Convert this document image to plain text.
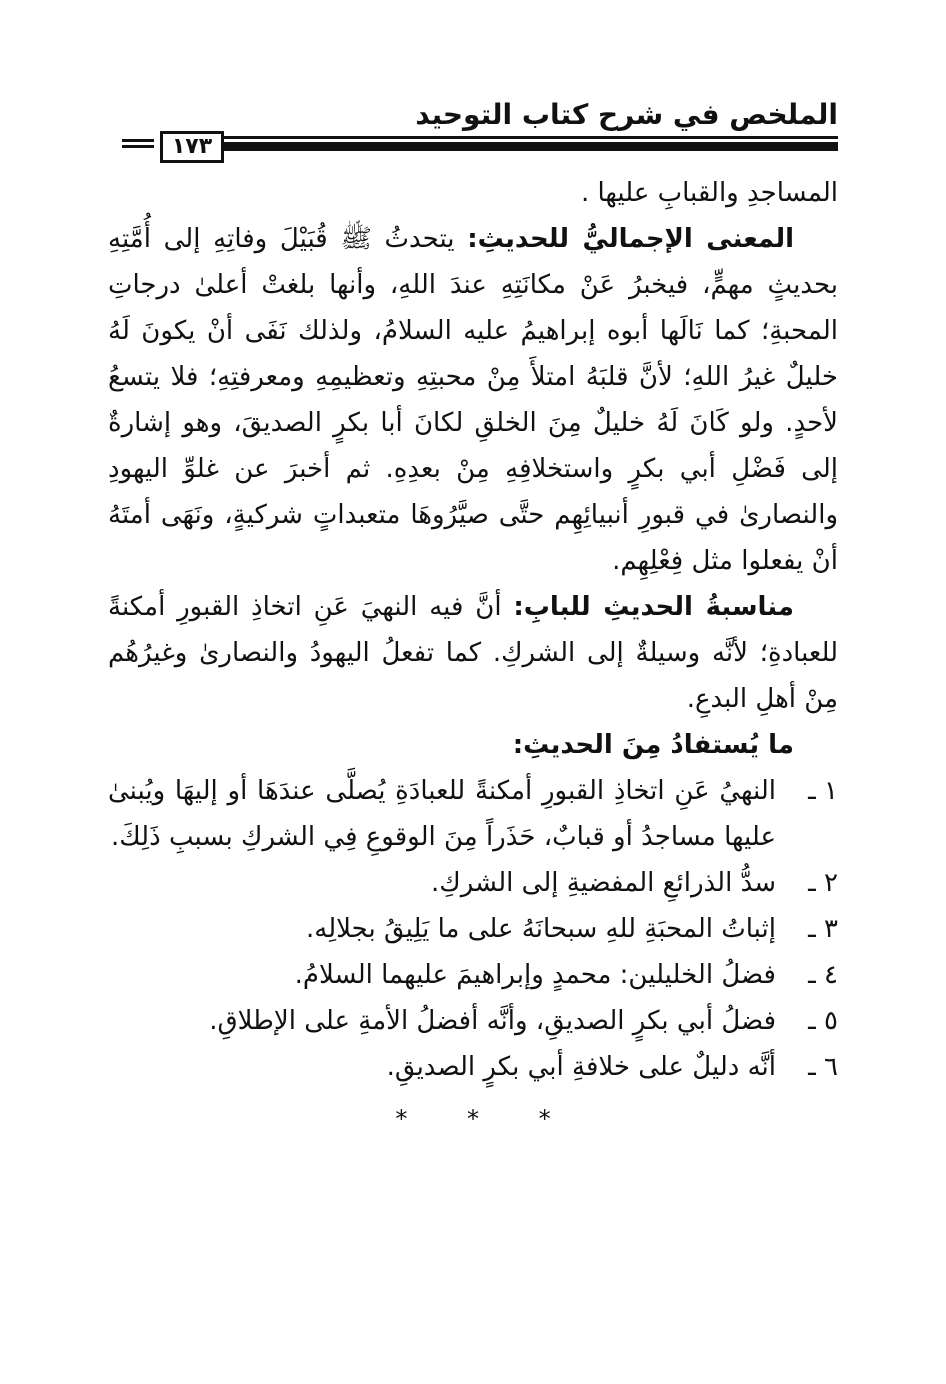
الملخص في شرح كتاب التوحيد
١٧٣

المساجدِ والقبابِ عليها .

المعنى الإجماليُّ للحديثِ: يتحدثُ ﷺ قُبَيْلَ وفاتِهِ إلى أُمَّتِهِ بحديثٍ مهمٍّ، فيخبرُ عَنْ مكانَتِهِ عندَ اللهِ، وأنها بلغتْ أعلىٰ درجاتِ المحبةِ؛ كما نَالَها أبوه إبراهيمُ عليه السلامُ، ولذلك نَفَى أنْ يكونَ لَهُ خليلٌ غيرُ اللهِ؛ لأنَّ قلبَهُ امتلأَ مِنْ محبتِهِ وتعظيمِهِ ومعرفتِهِ؛ فلا يتسعُ لأحدٍ. ولو كَانَ لَهُ خليلٌ مِنَ الخلقِ لكانَ أبا بكرٍ الصديقَ، وهو إشارةٌ إلى فَضْلِ أبي بكرٍ واستخلافِهِ مِنْ بعدِهِ. ثم أخبرَ عن غلوِّ اليهودِ والنصارىٰ في قبورِ أنبيائِهِم حتَّى صيَّرُوهَا متعبداتٍ شركيةٍ، ونَهَى أمتَهُ أنْ يفعلوا مثل فِعْلِهِم.

مناسبةُ الحديثِ للبابِ: أنَّ فيه النهيَ عَنِ اتخاذِ القبورِ أمكنةً للعبادةِ؛ لأنَّه وسيلةٌ إلى الشركِ. كما تفعلُ اليهودُ والنصارىٰ وغيرُهُم مِنْ أهلِ البدعِ.

ما يُستفادُ مِنَ الحديثِ:

١ ـ
النهيُ عَنِ اتخاذِ القبورِ أمكنةً للعبادَةِ يُصلَّى عندَهَا أو إليهَا ويُبنىٰ عليها مساجدُ أو قبابٌ، حَذَراً مِنَ الوقوعِ فِي الشركِ بسببِ ذَلِكَ.
٢ ـ
سدُّ الذرائعِ المفضيةِ إلى الشركِ.
٣ ـ
إثباتُ المحبَةِ للهِ سبحانَهُ على ما يَلِيقُ بجلالِه.
٤ ـ
فضلُ الخليلين: محمدٍ وإبراهيمَ عليهما السلامُ.
٥ ـ
فضلُ أبي بكرٍ الصديقِ، وأنَّه أفضلُ الأمةِ على الإطلاقِ.
٦ ـ
أنَّه دليلٌ على خلافةِ أبي بكرٍ الصديقِ.
* * *
